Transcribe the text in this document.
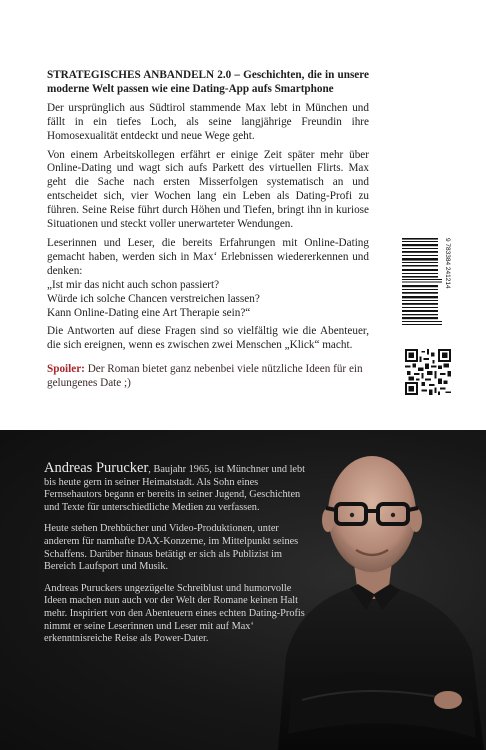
STRATEGISCHES ANBANDELN 2.0 – Geschichten, die in unsere moderne Welt passen wie eine Dating-App aufs Smartphone

Der ursprünglich aus Südtirol stammende Max lebt in München und fällt in ein tiefes Loch, als seine langjährige Freundin ihre Homosexualität entdeckt und neue Wege geht.

Von einem Arbeitskollegen erfährt er einige Zeit später mehr über Online-Dating und wagt sich aufs Parkett des virtuellen Flirts. Max geht die Sache nach ersten Misserfolgen systematisch an und entscheidet sich, vier Wochen lang ein Leben als Dating-Profi zu führen. Seine Reise führt durch Höhen und Tiefen, bringt ihn in kuriose Situationen und steckt voller unerwarteter Wendungen.

Leserinnen und Leser, die bereits Erfahrungen mit Online-Dating gemacht haben, werden sich in Max‘ Erlebnissen wiedererkennen und denken:

„Ist mir das nicht auch schon passiert?
Würde ich solche Chancen verstreichen lassen?
Kann Online-Dating eine Art Therapie sein?“

Die Antworten auf diese Fragen sind so vielfältig wie die Abenteuer, die sich ereignen, wenn es zwischen zwei Menschen „Klick“ macht.

Spoiler: Der Roman bietet ganz nebenbei viele nützliche Ideen für ein gelungenes Date ;)

9 783384 241214

Andreas Purucker, Baujahr 1965, ist Münchner und lebt bis heute gern in seiner Heimatstadt. Als Sohn eines Fernsehautors begann er bereits in seiner Jugend, Geschichten und Texte für unterschiedliche Medien zu verfassen.

Heute stehen Drehbücher und Video-Produktionen, unter anderem für namhafte DAX-Konzerne, im Mittelpunkt seines Schaffens. Darüber hinaus betätigt er sich als Publizist im Bereich Laufsport und Musik.

Andreas Puruckers ungezügelte Schreiblust und humorvolle Ideen machen nun auch vor der Welt der Romane keinen Halt mehr. Inspiriert von den Abenteuern eines echten Dating-Profis nimmt er seine Leserinnen und Leser mit auf Max‘ erkenntnisreiche Reise als Power-Dater.
